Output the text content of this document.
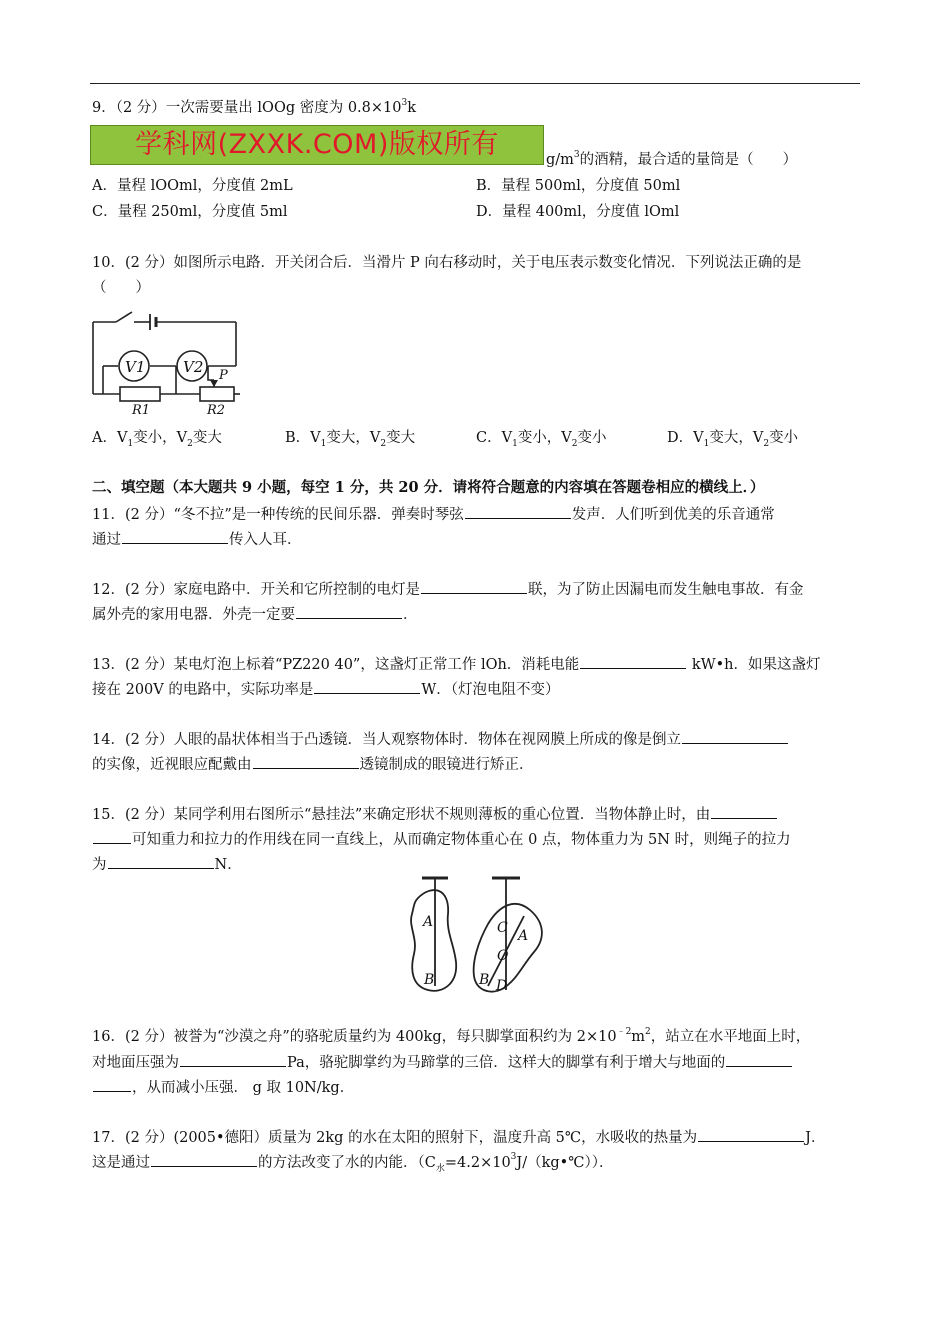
9．（2 分）一次需要量出 lOOg 密度为 $0.8\times 10^3k$
学科网(ZXXK.COM)版权所有	$g/m^3$的酒精，最合适的量筒是（　　）
A．量程 lOOml，分度值 2mL	B．量程 500ml，分度值 50ml
C．量程 250ml，分度值 5ml	D．量程 400ml，分度值 lOml
10．(2 分）如图所示电路．开关闭合后．当滑片 P 向右移动时，关于电压表示数变化情况．下列说法正确的是
（　　）
V1	V2 P
R1	R2
A．$V_1$变小，$V_2$变大	B．$V_1$变大，$V_2$变大	C．$V_1$变小，$V_2$变小	D．$V_1$变大，$V_2$变小
二、填空题（本大题共 9 小题，每空 1 分，共 20 分．请将符合题意的内容填在答题卷相应的横线上．）
11．(2 分）“冬不拉”是一种传统的民间乐器．弹奏时琴弦	发声．人们听到优美的乐音通常
通过	传入人耳．
12．(2 分）家庭电路中．开关和它所控制的电灯是	联，为了防止因漏电而发生触电事故．有金
属外壳的家用电器．外壳一定要	．
13．(2 分）某电灯泡上标着“PZ220 40”，这盏灯正常工作 lOh．消耗电能	kW•h．如果这盏灯
接在 200V 的电路中，实际功率是	W．（灯泡电阻不变）
14．(2 分）人眼的晶状体相当于凸透镜．当人观察物体时．物体在视网膜上所成的像是倒立
的实像，近视眼应配戴由	透镜制成的眼镜进行矫正．
15．(2 分）某同学利用右图所示“悬挂法”来确定形状不规则薄板的重心位置．当物体静止时，由
可知重力和拉力的作用线在同一直线上，从而确定物体重心在 0 点，物体重力为 5N 时，则绳子的拉力
为	N．
A
B
C A
O
B D
16．(2 分）被誉为“沙漠之舟”的骆驼质量约为 400kg，每只脚掌面积约为 $2\times 10^{﹣2}m^2$，站立在水平地面上时，
对地面压强为	Pa，骆驼脚掌约为马蹄掌的三倍．这样大的脚掌有利于增大与地面的
，从而减小压强． g 取 10N/kg．
17．(2 分）(2005•德阳）质量为 2kg 的水在太阳的照射下，温度升高 5℃，水吸收的热量为	J．
这是通过	的方法改变了水的内能．$(C_水=4.2\times 10^3J/(kg•℃))$．
